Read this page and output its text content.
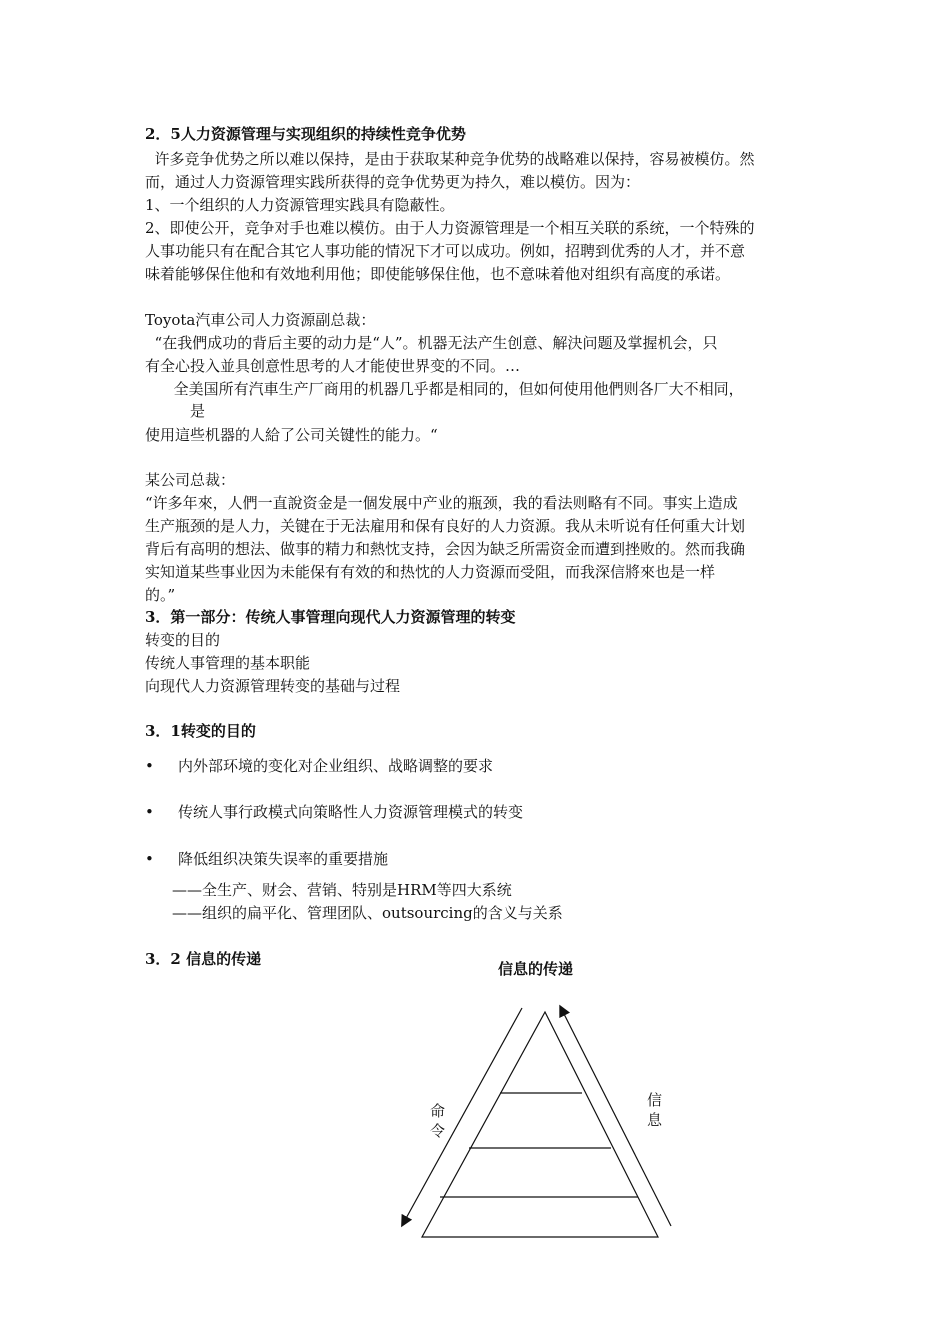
2．5人力资源管理与实现组织的持续性竞争优势
许多竞争优势之所以难以保持，是由于获取某种竞争优势的战略难以保持，容易被模仿。然
而，通过人力资源管理实践所获得的竞争优势更为持久，难以模仿。因为：
1、一个组织的人力资源管理实践具有隐蔽性。
2、即使公开，竞争对手也难以模仿。由于人力资源管理是一个相互关联的系统，一个特殊的
人事功能只有在配合其它人事功能的情况下才可以成功。例如，招聘到优秀的人才，并不意
味着能够保住他和有效地利用他；即使能够保住他，也不意味着他对组织有高度的承诺。
Toyota汽車公司人力资源副总裁：
“在我們成功的背后主要的动力是“人”。机器无法产生创意、解決问题及掌握机会，只
有全心投入並具创意性思考的人才能使世界变的不同。…
全美国所有汽車生产厂商用的机器几乎都是相同的，但如何使用他們则各厂大不相同，
是
使用這些机器的人給了公司关键性的能力。“
某公司总裁：
“许多年來，人們一直說资金是一個发展中产业的瓶颈，我的看法则略有不同。事实上造成
生产瓶颈的是人力，关键在于无法雇用和保有良好的人力资源。我从未听说有任何重大计划
背后有高明的想法、做事的精力和熱忱支持，会因为缺乏所需资金而遭到挫败的。然而我确
实知道某些事业因为未能保有有效的和热忱的人力资源而受阻，而我深信將來也是一样
的。”
3．第一部分：传统人事管理向现代人力资源管理的转变
转变的目的
传统人事管理的基本职能
向现代人力资源管理转变的基础与过程
3．1转变的目的
• 内外部环境的变化对企业组织、战略调整的要求
• 传统人事行政模式向策略性人力资源管理模式的转变
• 降低组织决策失误率的重要措施
——全生产、财会、营销、特别是HRM等四大系统
——组织的扁平化、管理团队、outsourcing的含义与关系
3．2 信息的传递
信息的传递
命
令
信
息
